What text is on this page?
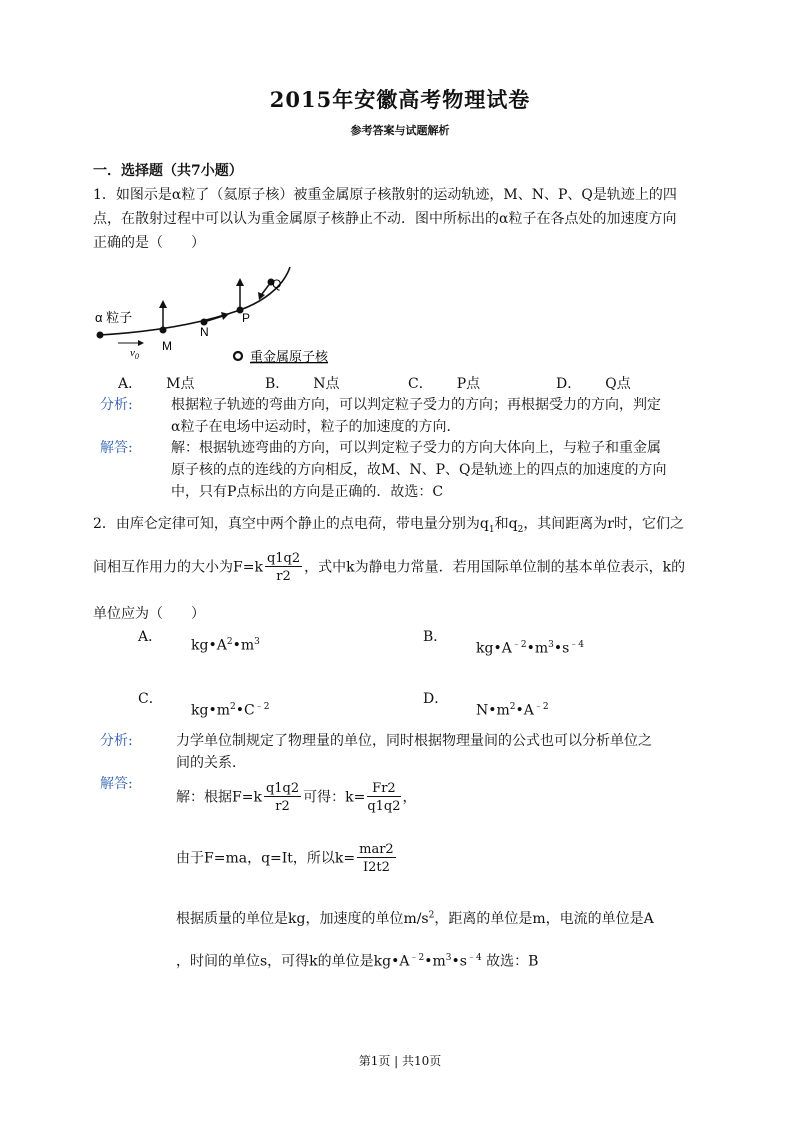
2015年安徽高考物理试卷
参考答案与试题解析
一．选择题（共7小题）
1．如图示是α粒了（氦原子核）被重金属原子核散射的运动轨迹，M、N、P、Q是轨迹上的四
点，在散射过程中可以认为重金属原子核静止不动．图中所标出的α粒子在各点处的加速度方向
正确的是（　　）
α 粒子
$v_0$
M
N
P
Q
重金属原子核
A． M点	B． N点	C． P点	D． Q点
分析:	根据粒子轨迹的弯曲方向，可以判定粒子受力的方向；再根据受力的方向，判定
α粒子在电场中运动时，粒子的加速度的方向．
解答:	解：根据轨迹弯曲的方向，可以判定粒子受力的方向大体向上，与粒子和重金属
原子核的点的连线的方向相反，故M、N、P、Q是轨迹上的四点的加速度的方向
中，只有P点标出的方向是正确的．故选：C
2．由库仑定律可知，真空中两个静止的点电荷，带电量分别为$q_1$和$q_2$，其间距离为r时，它们之
间相互作用力的大小为$F=k \frac{q1q2}{r2}$ ，式中k为静电力常量．若用国际单位制的基本单位表示，k的
单位应为（　　）
A．
$kg•A^2•m^3$	B．
$kg•A^{﹣2}•m^3•s^{﹣4}$
C．
$kg•m^2•C^{﹣2}$	D．
$N•m^2•A^{﹣2}$
分析:	力学单位制规定了物理量的单位，同时根据物理量间的公式也可以分析单位之
间的关系．
解答:
解：根据$F=k \frac{q1q2}{r2}$ 可得：$k= \frac{Fr2}{q1q2}$ ，
由于F=ma，q=It，所以$k= \frac{\text{mar2}}{I2t2}$
根据质量的单位是kg，加速度的单位$m/s^2$，距离的单位是m，电流的单位是A
，时间的单位s，可得k的单位是$kg•A^{﹣2}•m^3•s^{﹣4}$ 故选：B
第1页 | 共10页
